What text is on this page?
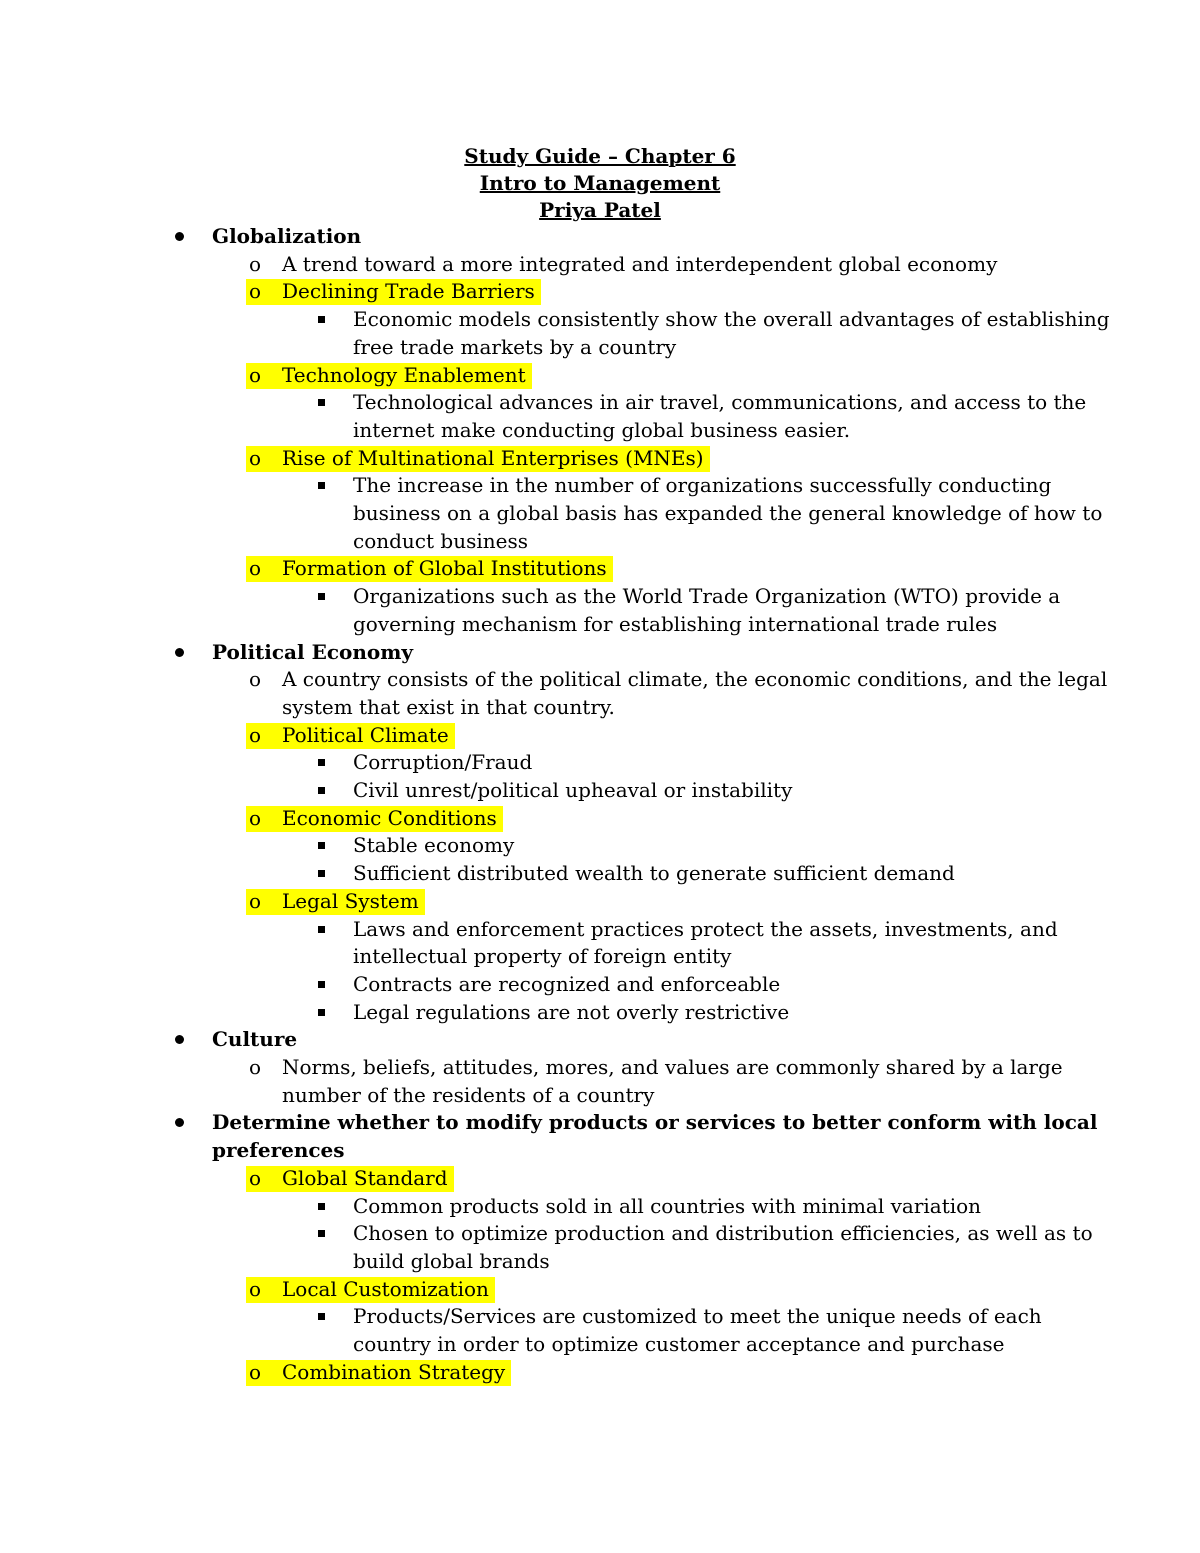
Study Guide – Chapter 6
Intro to Management
Priya Patel
Globalization
o A trend toward a more integrated and interdependent global economy
o Declining Trade Barriers
Economic models consistently show the overall advantages of establishing
free trade markets by a country
o Technology Enablement
Technological advances in air travel, communications, and access to the
internet make conducting global business easier.
o Rise of Multinational Enterprises (MNEs)
The increase in the number of organizations successfully conducting
business on a global basis has expanded the general knowledge of how to
conduct business
o Formation of Global Institutions
Organizations such as the World Trade Organization (WTO) provide a
governing mechanism for establishing international trade rules
Political Economy
o A country consists of the political climate, the economic conditions, and the legal
system that exist in that country.
o Political Climate
Corruption/Fraud
Civil unrest/political upheaval or instability
o Economic Conditions
Stable economy
Sufficient distributed wealth to generate sufficient demand
o Legal System
Laws and enforcement practices protect the assets, investments, and
intellectual property of foreign entity
Contracts are recognized and enforceable
Legal regulations are not overly restrictive
Culture
o Norms, beliefs, attitudes, mores, and values are commonly shared by a large
number of the residents of a country
Determine whether to modify products or services to better conform with local
preferences
o Global Standard
Common products sold in all countries with minimal variation
Chosen to optimize production and distribution efficiencies, as well as to
build global brands
o Local Customization
Products/Services are customized to meet the unique needs of each
country in order to optimize customer acceptance and purchase
o Combination Strategy
